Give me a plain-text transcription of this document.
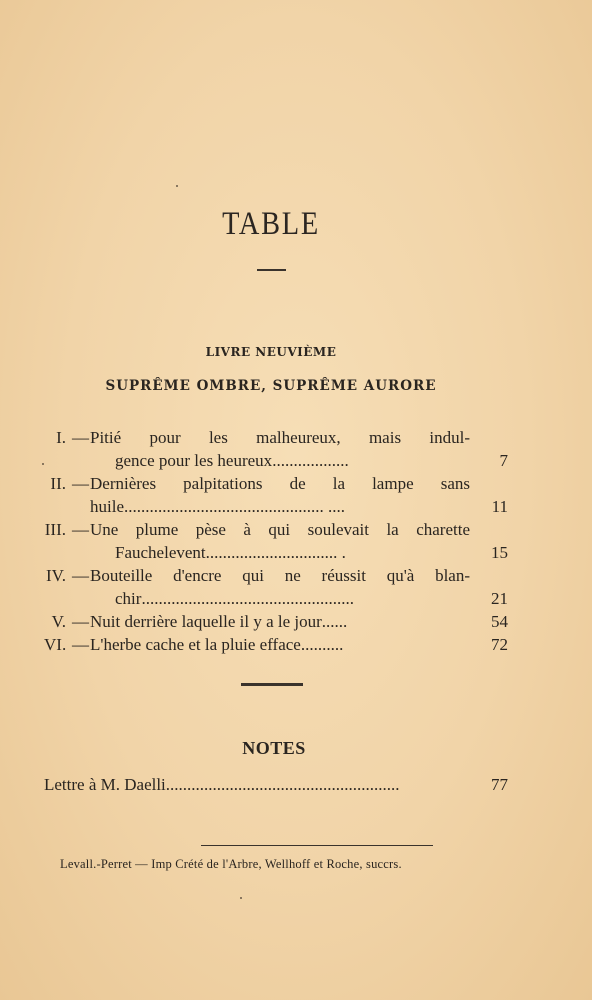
TABLE
LIVRE NEUVIÈME
SUPRÊME OMBRE, SUPRÊME AURORE
I. — Pitié pour les malheureux, mais indul-
gence pour les heureux..................	7
II. — Dernières palpitations de la lampe sans
huile............................................... ....	11
III. — Une plume pèse à qui soulevait la charette
Fauchelevent............................... .	15
IV. — Bouteille d'encre qui ne réussit qu'à blan-
chir..................................................	21
V. — Nuit derrière laquelle il y a le jour......	54
VI. — L'herbe cache et la pluie efface..........	72
NOTES
Lettre à M. Daelli.......................................................	77
Levall.-Perret — Imp Crété de l'Arbre, Wellhoff et Roche, succrs.
